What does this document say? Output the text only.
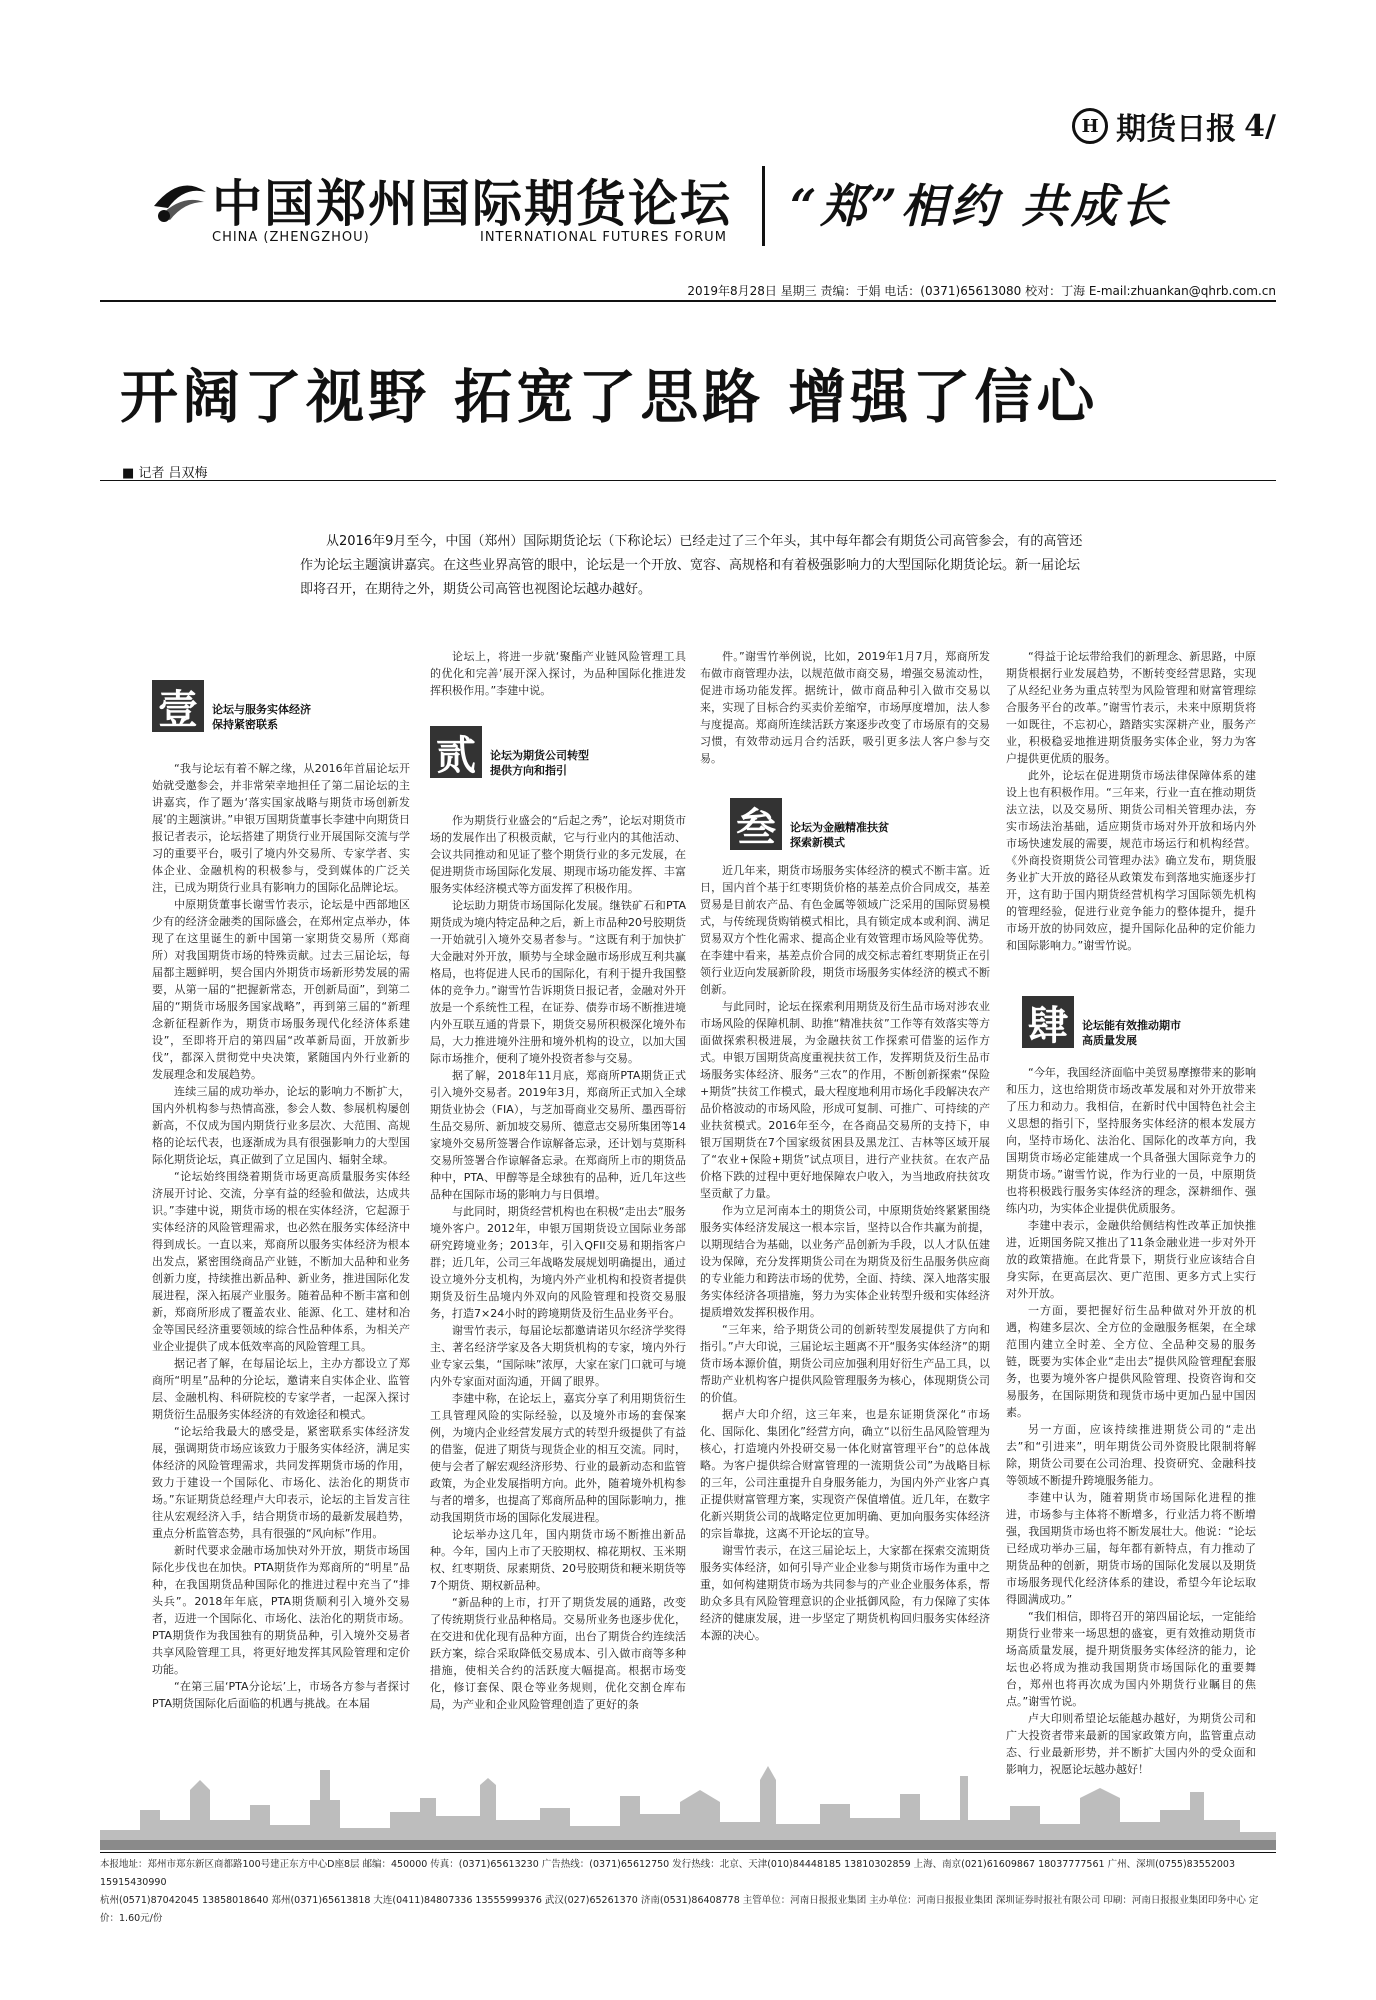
H 期货日报 4/
中国郑州国际期货论坛
CHINA (ZHENGZHOU)	INTERNATIONAL FUTURES FORUM
“郑”相约 共成长
2019年8月28日 星期三 责编：于娟 电话：(0371)65613080 校对：丁海 E-mail:zhuankan@qhrb.com.cn
开阔了视野 拓宽了思路 增强了信心
■ 记者 吕双梅
从2016年9月至今，中国（郑州）国际期货论坛（下称论坛）已经走过了三个年头，其中每年都会有期货公司高管参会，有的高管还作为论坛主题演讲嘉宾。在这些业界高管的眼中，论坛是一个开放、宽容、高规格和有着极强影响力的大型国际化期货论坛。新一届论坛即将召开，在期待之外，期货公司高管也视图论坛越办越好。
壹	论坛与服务实体经济
保持紧密联系
贰	论坛为期货公司转型
提供方向和指引
叁	论坛为金融精准扶贫
探索新模式
肆	论坛能有效推动期市
高质量发展

“我与论坛有着不解之缘，从2016年首届论坛开始就受邀参会，并非常荣幸地担任了第二届论坛的主讲嘉宾，作了题为‘落实国家战略与期货市场创新发展’的主题演讲。”申银万国期货董事长李建中向期货日报记者表示，论坛搭建了期货行业开展国际交流与学习的重要平台，吸引了境内外交易所、专家学者、实体企业、金融机构的积极参与，受到媒体的广泛关注，已成为期货行业具有影响力的国际化品牌论坛。

中原期货董事长谢雪竹表示，论坛是中西部地区少有的经济金融类的国际盛会，在郑州定点举办，体现了在这里诞生的新中国第一家期货交易所（郑商所）对我国期货市场的特殊贡献。过去三届论坛，每届都主题鲜明，契合国内外期货市场新形势发展的需要，从第一届的“把握新常态，开创新局面”，到第二届的“期货市场服务国家战略”，再到第三届的“新理念新征程新作为，期货市场服务现代化经济体系建设”，至即将开启的第四届“改革新局面，开放新步伐”，都深入贯彻党中央决策，紧随国内外行业新的发展理念和发展趋势。

连续三届的成功举办，论坛的影响力不断扩大，国内外机构参与热情高涨，参会人数、参展机构屡创新高，不仅成为国内期货行业多层次、大范围、高规格的论坛代表，也逐渐成为具有很强影响力的大型国际化期货论坛，真正做到了立足国内、辐射全球。

“论坛始终围绕着期货市场更高质量服务实体经济展开讨论、交流，分享有益的经验和做法，达成共识。”李建中说，期货市场的根在实体经济，它起源于实体经济的风险管理需求，也必然在服务实体经济中得到成长。一直以来，郑商所以服务实体经济为根本出发点，紧密围绕商品产业链，不断加大品种和业务创新力度，持续推出新品种、新业务，推进国际化发展进程，深入拓展产业服务。随着品种不断丰富和创新，郑商所形成了覆盖农业、能源、化工、建材和冶金等国民经济重要领域的综合性品种体系，为相关产业企业提供了成本低效率高的风险管理工具。

据记者了解，在每届论坛上，主办方都设立了郑商所“明星”品种的分论坛，邀请来自实体企业、监管层、金融机构、科研院校的专家学者，一起深入探讨期货衍生品服务实体经济的有效途径和模式。

“论坛给我最大的感受是，紧密联系实体经济发展，强调期货市场应该致力于服务实体经济，满足实体经济的风险管理需求，共同发挥期货市场的作用，致力于建设一个国际化、市场化、法治化的期货市场。”东证期货总经理卢大印表示，论坛的主旨发言往往从宏观经济入手，结合期货市场的最新发展趋势，重点分析监管态势，具有很强的“风向标”作用。

新时代要求金融市场加快对外开放，期货市场国际化步伐也在加快。PTA期货作为郑商所的“明星”品种，在我国期货品种国际化的推进过程中充当了“排头兵”。2018年年底，PTA期货顺利引入境外交易者，迈进一个国际化、市场化、法治化的期货市场。PTA期货作为我国独有的期货品种，引入境外交易者共享风险管理工具，将更好地发挥其风险管理和定价功能。

“在第三届‘PTA分论坛’上，市场各方参与者探讨PTA期货国际化后面临的机遇与挑战。在本届

论坛上，将进一步就‘聚酯产业链风险管理工具的优化和完善’展开深入探讨，为品种国际化推进发挥积极作用。”李建中说。

作为期货行业盛会的“后起之秀”，论坛对期货市场的发展作出了积极贡献，它与行业内的其他活动、会议共同推动和见证了整个期货行业的多元发展，在促进期货市场国际化发展、期现市场功能发挥、丰富服务实体经济模式等方面发挥了积极作用。

论坛助力期货市场国际化发展。继铁矿石和PTA期货成为境内特定品种之后，新上市品种20号胶期货一开始就引入境外交易者参与。“这既有利于加快扩大金融对外开放，顺势与全球金融市场形成互利共赢格局，也将促进人民币的国际化，有利于提升我国整体的竞争力。”谢雪竹告诉期货日报记者，金融对外开放是一个系统性工程，在证券、债券市场不断推进境内外互联互通的背景下，期货交易所积极深化境外布局，大力推进境外注册和境外机构的设立，以加大国际市场推介，便利了境外投资者参与交易。

据了解，2018年11月底，郑商所PTA期货正式引入境外交易者。2019年3月，郑商所正式加入全球期货业协会（FIA），与芝加哥商业交易所、墨西哥衍生品交易所、新加坡交易所、德意志交易所集团等14家境外交易所签署合作谅解备忘录，还计划与莫斯科交易所签署合作谅解备忘录。在郑商所上市的期货品种中，PTA、甲醇等是全球独有的品种，近几年这些品种在国际市场的影响力与日俱增。

与此同时，期货经营机构也在积极“走出去”服务境外客户。2012年，申银万国期货设立国际业务部研究跨境业务；2013年，引入QFII交易和期指客户群；近几年，公司三年战略发展规划明确提出，通过设立境外分支机构，为境内外产业机构和投资者提供期货及衍生品境内外双向的风险管理和投资交易服务，打造7×24小时的跨境期货及衍生品业务平台。

谢雪竹表示，每届论坛都邀请诺贝尔经济学奖得主、著名经济学家及各大期货机构的专家，境内外行业专家云集，“国际味”浓厚，大家在家门口就可与境内外专家面对面沟通，开阔了眼界。

李建中称，在论坛上，嘉宾分享了利用期货衍生工具管理风险的实际经验，以及境外市场的套保案例，为境内企业经营发展方式的转型升级提供了有益的借鉴，促进了期货与现货企业的相互交流。同时，使与会者了解宏观经济形势、行业的最新动态和监管政策，为企业发展指明方向。此外，随着境外机构参与者的增多，也提高了郑商所品种的国际影响力，推动我国期货市场的国际化发展进程。

论坛举办这几年，国内期货市场不断推出新品种。今年，国内上市了天胶期权、棉花期权、玉米期权、红枣期货、尿素期货、20号胶期货和粳米期货等7个期货、期权新品种。

“新品种的上市，打开了期货发展的通路，改变了传统期货行业品种格局。交易所业务也逐步优化，在交进和优化现有品种方面，出台了期货合约连续活跃方案，综合采取降低交易成本、引入做市商等多种措施，使相关合约的活跃度大幅提高。根据市场变化，修订套保、限仓等业务规则，优化交割仓库布局，为产业和企业风险管理创造了更好的条

件。”谢雪竹举例说，比如，2019年1月7月，郑商所发布做市商管理办法，以规范做市商交易，增强交易流动性，促进市场功能发挥。据统计，做市商品种引入做市交易以来，实现了目标合约买卖价差缩窄，市场厚度增加，法人参与度提高。郑商所连续活跃方案逐步改变了市场原有的交易习惯，有效带动远月合约活跃，吸引更多法人客户参与交易。

近几年来，期货市场服务实体经济的模式不断丰富。近日，国内首个基于红枣期货价格的基差点价合同成交，基差贸易是目前农产品、有色金属等领域广泛采用的国际贸易模式，与传统现货购销模式相比，具有锁定成本或利润、满足贸易双方个性化需求、提高企业有效管理市场风险等优势。在李建中看来，基差点价合同的成交标志着红枣期货正在引领行业迈向发展新阶段，期货市场服务实体经济的模式不断创新。

与此同时，论坛在探索利用期货及衍生品市场对涉农业市场风险的保障机制、助推“精准扶贫”工作等有效落实等方面做探索积极进展，为金融扶贫工作探索可借鉴的运作方式。申银万国期货高度重视扶贫工作，发挥期货及衍生品市场服务实体经济、服务“三农”的作用，不断创新探索“保险+期货”扶贫工作模式，最大程度地利用市场化手段解决农产品价格波动的市场风险，形成可复制、可推广、可持续的产业扶贫模式。2016年至今，在各商品交易所的支持下，申银万国期货在7个国家级贫困县及黑龙江、吉林等区域开展了“农业+保险+期货”试点项目，进行产业扶贫。在农产品价格下跌的过程中更好地保障农户收入，为当地政府扶贫攻坚贡献了力量。

作为立足河南本土的期货公司，中原期货始终紧紧围绕服务实体经济发展这一根本宗旨，坚持以合作共赢为前提，以期现结合为基础，以业务产品创新为手段，以人才队伍建设为保障，充分发挥期货公司在为期货及衍生品服务供应商的专业能力和跨法市场的优势，全面、持续、深入地落实服务实体经济各项措施，努力为实体企业转型升级和实体经济提质增效发挥积极作用。

“三年来，给予期货公司的创新转型发展提供了方向和指引。”卢大印说，三届论坛主题离不开“服务实体经济”的期货市场本源价值，期货公司应加强利用好衍生产品工具，以帮助产业机构客户提供风险管理服务为核心，体现期货公司的价值。

据卢大印介绍，这三年来，也是东证期货深化“市场化、国际化、集团化”经营方向，确立“以衍生品风险管理为核心，打造境内外投研交易一体化财富管理平台”的总体战略。为客户提供综合财富管理的一流期货公司”为战略目标的三年，公司注重提升自身服务能力，为国内外产业客户真正提供财富管理方案，实现资产保值增值。近几年，在数字化新兴期货公司的战略定位更加明确、更加向服务实体经济的宗旨靠拢，这离不开论坛的宣导。

谢雪竹表示，在这三届论坛上，大家都在探索交流期货服务实体经济，如何引导产业企业参与期货市场作为重中之重，如何构建期货市场为共同参与的产业企业服务体系，帮助众多具有风险管理意识的企业抵御风险，有力保障了实体经济的健康发展，进一步坚定了期货机构回归服务实体经济本源的决心。

“得益于论坛带给我们的新理念、新思路，中原期货根据行业发展趋势，不断转变经营思路，实现了从经纪业务为重点转型为风险管理和财富管理综合服务平台的改革。”谢雪竹表示，未来中原期货将一如既往，不忘初心，踏踏实实深耕产业，服务产业，积极稳妥地推进期货服务实体企业，努力为客户提供更优质的服务。

此外，论坛在促进期货市场法律保障体系的建设上也有积极作用。“三年来，行业一直在推动期货法立法，以及交易所、期货公司相关管理办法，夯实市场法治基础，适应期货市场对外开放和场内外市场快速发展的需要，规范市场运行和机构经营。《外商投资期货公司管理办法》确立发布，期货服务业扩大开放的路径从政策发布到落地实施逐步打开，这有助于国内期货经营机构学习国际领先机构的管理经验，促进行业竞争能力的整体提升，提升市场开放的协同效应，提升国际化品种的定价能力和国际影响力。”谢雪竹说。

“今年，我国经济面临中美贸易摩擦带来的影响和压力，这也给期货市场改革发展和对外开放带来了压力和动力。我相信，在新时代中国特色社会主义思想的指引下，坚持服务实体经济的根本发展方向，坚持市场化、法治化、国际化的改革方向，我国期货市场必定能建成一个具备强大国际竞争力的期货市场。”谢雪竹说，作为行业的一员，中原期货也将积极践行服务实体经济的理念，深耕细作、强练内功，为实体企业提供优质服务。

李建中表示，金融供给侧结构性改革正加快推进，近期国务院又推出了11条金融业进一步对外开放的政策措施。在此背景下，期货行业应该结合自身实际，在更高层次、更广范围、更多方式上实行对外开放。

一方面，要把握好衍生品种做对外开放的机遇，构建多层次、全方位的金融服务框架，在全球范围内建立全时差、全方位、全品种交易的服务链，既要为实体企业“走出去”提供风险管理配套服务，也要为境外客户提供风险管理、投资咨询和交易服务，在国际期货和现货市场中更加凸显中国因素。

另一方面，应该持续推进期货公司的“走出去”和“引进来”，明年期货公司外资股比限制将解除，期货公司要在公司治理、投资研究、金融科技等领域不断提升跨境服务能力。

李建中认为，随着期货市场国际化进程的推进，市场参与主体将不断增多，行业活力将不断增强，我国期货市场也将不断发展壮大。他说：“论坛已经成功举办三届，每年都有新特点，有力推动了期货品种的创新，期货市场的国际化发展以及期货市场服务现代化经济体系的建设，希望今年论坛取得圆满成功。”

“我们相信，即将召开的第四届论坛，一定能给期货行业带来一场思想的盛宴，更有效推动期货市场高质量发展，提升期货服务实体经济的能力，论坛也必将成为推动我国期货市场国际化的重要舞台，郑州也将再次成为国内外期货行业瞩目的焦点。”谢雪竹说。

卢大印则希望论坛能越办越好，为期货公司和广大投资者带来最新的国家政策方向，监管重点动态、行业最新形势，并不断扩大国内外的受众面和影响力，祝愿论坛越办越好！

本报地址：郑州市郑东新区商都路100号建正东方中心D座8层 邮编：450000 传真：(0371)65613230 广告热线：(0371)65612750 发行热线：北京、天津(010)84448185 13810302859 上海、南京(021)61609867 18037777561 广州、深圳(0755)83552003 15915430990
杭州(0571)87042045 13858018640 郑州(0371)65613818 大连(0411)84807336 13555999376 武汉(027)65261370 济南(0531)86408778 主管单位：河南日报报业集团 主办单位：河南日报报业集团 深圳证券时报社有限公司 印刷：河南日报报业集团印务中心 定价：1.60元/份
